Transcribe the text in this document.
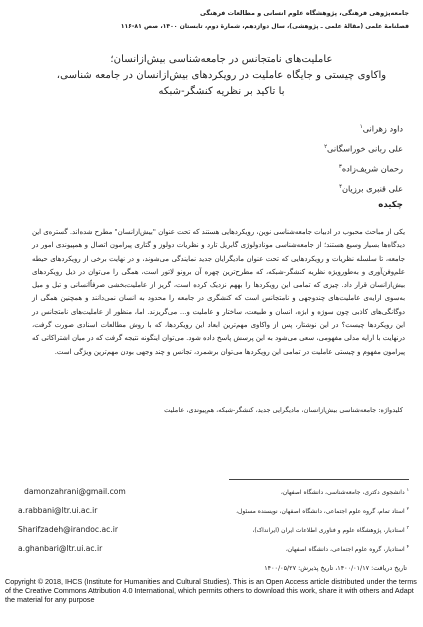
جامعه‌پژوهی فرهنگی، پژوهشگاه علوم انسانی و مطالعات فرهنگی
فصلنامهٔ علمی (مقالهٔ علمی ـ پژوهشی)، سال دوازدهم، شمارهٔ دوم، تابستان ۱۴۰۰، صص ۸۱-۱۱۶
عاملیت‌های نامتجانس در جامعه‌شناسی بیش‌ازانسان؛
واکاوی چیستی و جایگاه عاملیت در رویکردهای بیش‌ازانسان در جامعه شناسی،
با تاکید بر نظریه کنشگر-شبکه
داود زهرانی$^۱$
علی ربانی خوراسگانی$^۲$
رحمان شریف‌زاده$^۳$
علی قنبری برزیان$^۴$
چکیده
یکی از مباحث محبوب در ادبیات جامعه‌شناسی نوین، رویکردهایی هستند که تحت عنوان "بیش‌ازانسان" مطرح شده‌اند. گستره‌ی این دیدگاه‌ها بسیار وسیع هستند؛ از جامعه‌شناسی مونادولوژی گابریل تارد و نظریات دولوز و گتاری پیرامون اتصال و همپیوندی امور در جامعه، تا سلسله نظریات و رویکردهایی که تحت عنوان مادیگرایان جدید نمایندگی می‌شوند، و در نهایت برخی از رویکردهای حیطه علم‌وفن‌آوری و به‌طورویژه نظریه کنشگر-شبکه، که مطرح‌ترین چهره آن برونو لاتور است، همگی را می‌توان در ذیل رویکردهای بیش‌ازانسان قرار داد. چیزی که تمامی این رویکردها را بههم نزدیک کرده است، گریز از عاملیت‌بخشی صرفاًانسانی و تبل و میل به‌سوی ارایه‌ی عاملیت‌های چندوجهی و نامتجانس است که کنشگری در جامعه را محدود به انسان نمی‌دانند و همچنین همگی از دوگانگی‌های کاذبی چون سوژه و ابژه، انسان و طبیعت، ساختار و عاملیت و... می‌گریزند. اما، منظور از عاملیت‌های نامتجانس در این رویکردها چیست؟ در این نوشتار، پس از واکاوی مهم‌ترین ابعاد این رویکردها، که با روش مطالعات اسنادی صورت گرفت، درنهایت با ارایه مدلی مفهومی، سعی می‌شود به این پرسش پاسخ داده شود. می‌توان اینگونه نتیجه گرفت که در میان اشتراکاتی که پیرامون مفهوم و چیستی عاملیت در تمامی این رویکردها می‌توان برشمرد، تجانس و چند وجهی بودن مهم‌ترین ویژگی است.
کلیدواژه: جامعه‌شناسی بیش‌ازانسان، مادیگرایی جدید، کنشگر-شبکه، هم‌پیوندی، عاملیت
$^۱$ دانشجوی دکتری، جامعه‌شناسی، دانشگاه اصفهان،
damonzahrani@gmail.com
$^۲$ استاد تمام، گروه علوم اجتماعی، دانشگاه اصفهان، نویسنده مسئول،
a.rabbani@ltr.ui.ac.ir
$^۳$ استادیار، پژوهشگاه علوم و فناوری اطلاعات ایران (ایرانداک)،
Sharifzadeh@irandoc.ac.ir
$^۴$ استادیار، گروه علوم اجتماعی، دانشگاه اصفهان،
a.ghanbari@ltr.ui.ac.ir
تاریخ دریافت: ۱۴۰۰/۰۱/۱۷، تاریخ پذیرش: ۱۴۰۰/۰۵/۲۷
Copyright © 2018, IHCS (Institute for Humanities and Cultural Studies). This is an Open Access article distributed under the terms of the Creative Commons Attribution 4.0 International, which permits others to download this work, share it with others and Adapt the material for any purpose
